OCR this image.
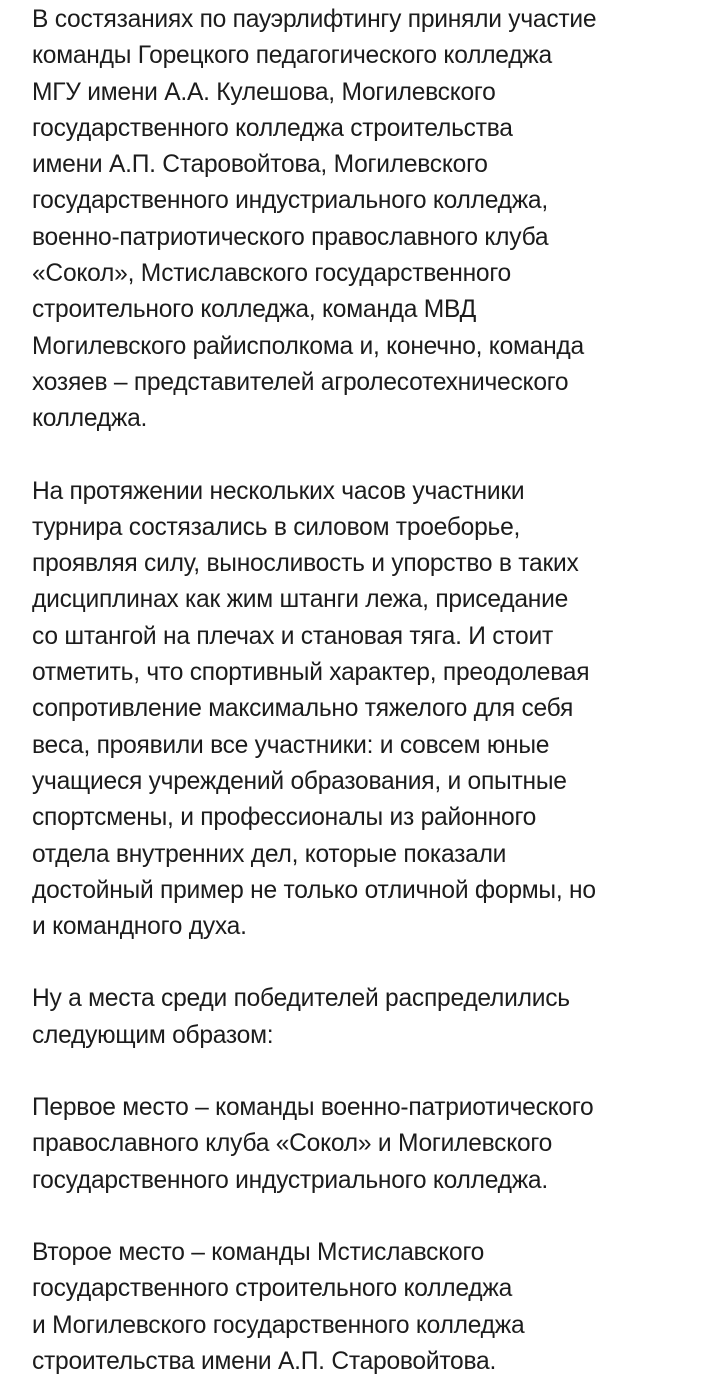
В состязаниях по пауэрлифтингу приняли участие
команды Горецкого педагогического колледжа
МГУ имени А.А. Кулешова, Могилевского
государственного колледжа строительства
имени А.П. Старовойтова, Могилевского
государственного индустриального колледжа,
военно-патриотического православного клуба
«Сокол», Мстиславского государственного
строительного колледжа, команда МВД
Могилевского райисполкома и, конечно, команда
хозяев – представителей агролесотехнического
колледжа.

На протяжении нескольких часов участники
турнира состязались в силовом троеборье,
проявляя силу, выносливость и упорство в таких
дисциплинах как жим штанги лежа, приседание
со штангой на плечах и становая тяга. И стоит
отметить, что спортивный характер, преодолевая
сопротивление максимально тяжелого для себя
веса, проявили все участники: и совсем юные
учащиеся учреждений образования, и опытные
спортсмены, и профессионалы из районного
отдела внутренних дел, которые показали
достойный пример не только отличной формы, но
и командного духа.

Ну а места среди победителей распределились
следующим образом:

Первое место – команды военно-патриотического
православного клуба «Сокол» и Могилевского
государственного индустриального колледжа.

Второе место – команды Мстиславского
государственного строительного колледжа
и Могилевского государственного колледжа
строительства имени А.П. Старовойтова.
